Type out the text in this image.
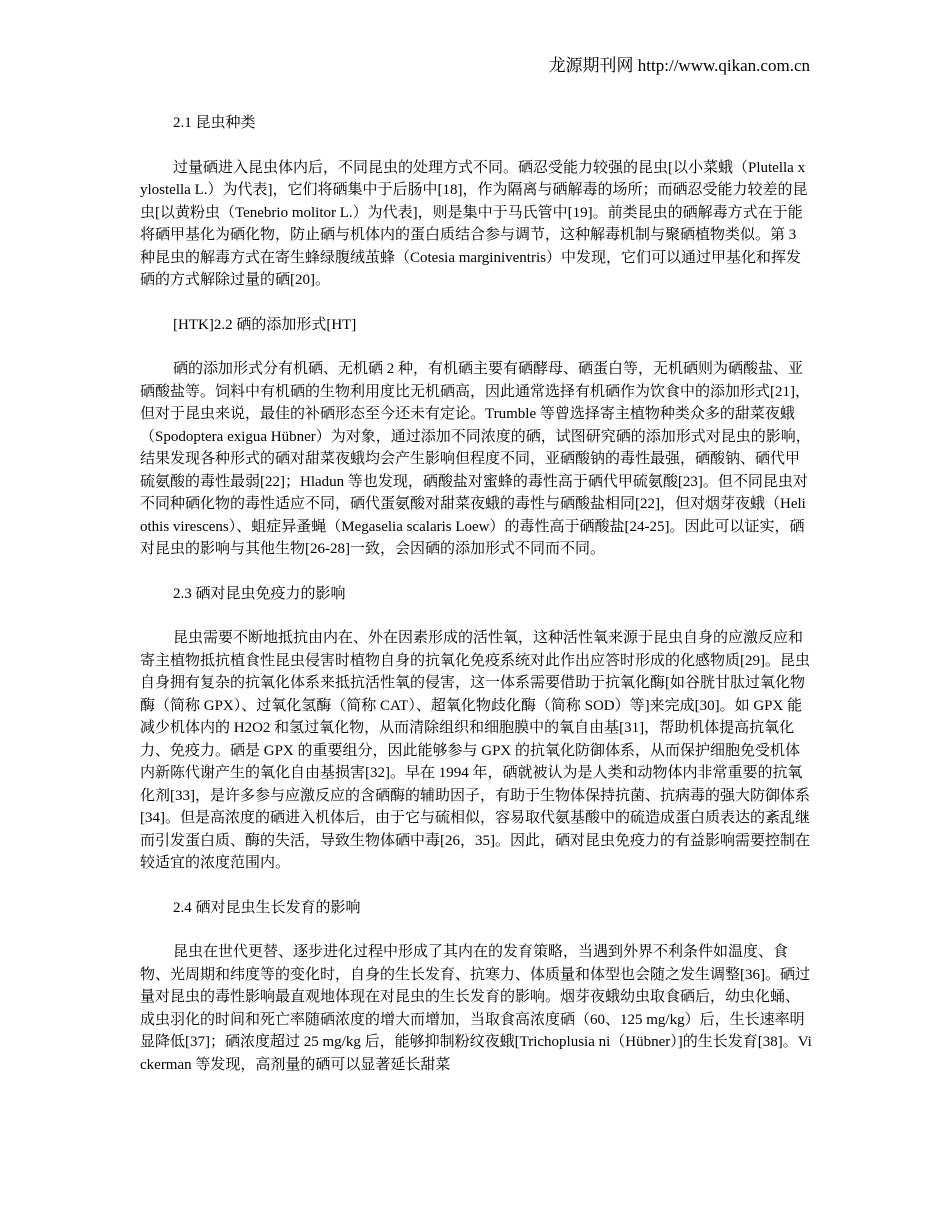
龙源期刊网 http://www.qikan.com.cn

2.1 昆虫种类

过量硒进入昆虫体内后，不同昆虫的处理方式不同。硒忍受能力较强的昆虫[以小菜蛾（Plutella xylostella L.）为代表]，它们将硒集中于后肠中[18]，作为隔离与硒解毒的场所；而硒忍受能力较差的昆虫[以黄粉虫（Tenebrio molitor L.）为代表]，则是集中于马氏管中[19]。前类昆虫的硒解毒方式在于能将硒甲基化为硒化物，防止硒与机体内的蛋白质结合参与调节，这种解毒机制与聚硒植物类似。第 3 种昆虫的解毒方式在寄生蜂绿腹绒茧蜂（Cotesia marginiventris）中发现，它们可以通过甲基化和挥发硒的方式解除过量的硒[20]。

[HTK]2.2 硒的添加形式[HT]

硒的添加形式分有机硒、无机硒 2 种，有机硒主要有硒酵母、硒蛋白等，无机硒则为硒酸盐、亚硒酸盐等。饲料中有机硒的生物利用度比无机硒高，因此通常选择有机硒作为饮食中的添加形式[21]，但对于昆虫来说，最佳的补硒形态至今还未有定论。Trumble 等曾选择寄主植物种类众多的甜菜夜蛾（Spodoptera exigua Hübner）为对象，通过添加不同浓度的硒，试图研究硒的添加形式对昆虫的影响，结果发现各种形式的硒对甜菜夜蛾均会产生影响但程度不同，亚硒酸钠的毒性最强，硒酸钠、硒代甲硫氨酸的毒性最弱[22]；Hladun 等也发现，硒酸盐对蜜蜂的毒性高于硒代甲硫氨酸[23]。但不同昆虫对不同种硒化物的毒性适应不同，硒代蛋氨酸对甜菜夜蛾的毒性与硒酸盐相同[22]，但对烟芽夜蛾（Heliothis virescens）、蛆症异蚤蝇（Megaselia scalaris Loew）的毒性高于硒酸盐[24-25]。因此可以证实，硒对昆虫的影响与其他生物[26-28]一致，会因硒的添加形式不同而不同。

2.3 硒对昆虫免疫力的影响

昆虫需要不断地抵抗由内在、外在因素形成的活性氧，这种活性氧来源于昆虫自身的应激反应和寄主植物抵抗植食性昆虫侵害时植物自身的抗氧化免疫系统对此作出应答时形成的化感物质[29]。昆虫自身拥有复杂的抗氧化体系来抵抗活性氧的侵害，这一体系需要借助于抗氧化酶[如谷胱甘肽过氧化物酶（简称 GPX）、过氧化氢酶（简称 CAT）、超氧化物歧化酶（简称 SOD）等]来完成[30]。如 GPX 能减少机体内的 H2O2 和氢过氧化物，从而清除组织和细胞膜中的氧自由基[31]，帮助机体提高抗氧化力、免疫力。硒是 GPX 的重要组分，因此能够参与 GPX 的抗氧化防御体系，从而保护细胞免受机体内新陈代谢产生的氧化自由基损害[32]。早在 1994 年，硒就被认为是人类和动物体内非常重要的抗氧化剂[33]，是许多参与应激反应的含硒酶的辅助因子，有助于生物体保持抗菌、抗病毒的强大防御体系[34]。但是高浓度的硒进入机体后，由于它与硫相似，容易取代氨基酸中的硫造成蛋白质表达的紊乱继而引发蛋白质、酶的失活，导致生物体硒中毒[26，35]。因此，硒对昆虫免疫力的有益影响需要控制在较适宜的浓度范围内。

2.4 硒对昆虫生长发育的影响

昆虫在世代更替、逐步进化过程中形成了其内在的发育策略，当遇到外界不利条件如温度、食物、光周期和纬度等的变化时，自身的生长发育、抗寒力、体质量和体型也会随之发生调整[36]。硒过量对昆虫的毒性影响最直观地体现在对昆虫的生长发育的影响。烟芽夜蛾幼虫取食硒后，幼虫化蛹、成虫羽化的时间和死亡率随硒浓度的增大而增加，当取食高浓度硒（60、125 mg/kg）后，生长速率明显降低[37]；硒浓度超过 25 mg/kg 后，能够抑制粉纹夜蛾[Trichoplusia ni（Hübner）]的生长发育[38]。Vickerman 等发现，高剂量的硒可以显著延长甜菜
